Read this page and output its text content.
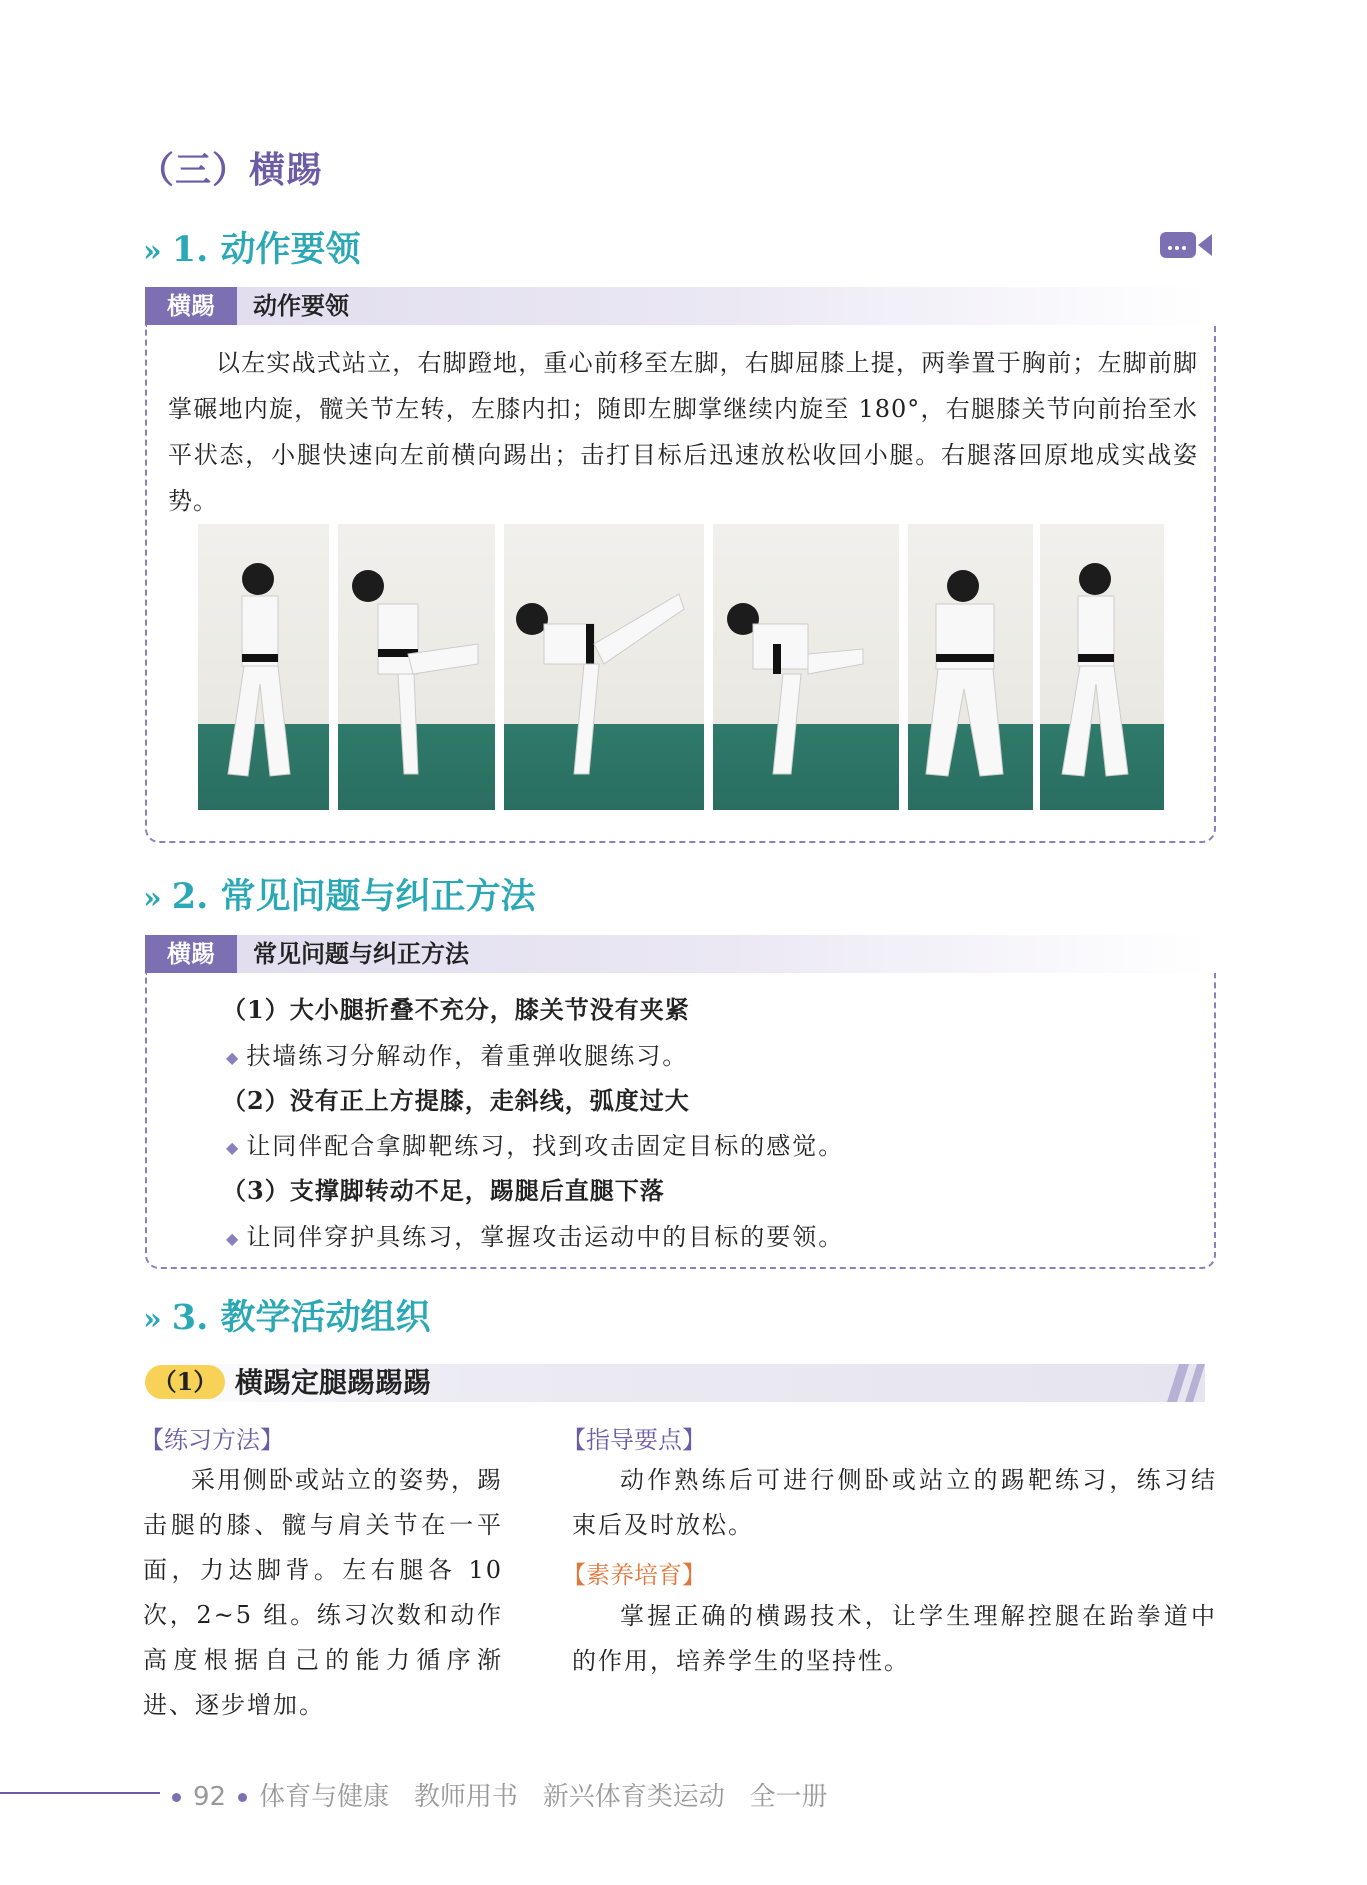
（三）横踢
» 1. 动作要领
横踢	动作要领

以左实战式站立，右脚蹬地，重心前移至左脚，右脚屈膝上提，两拳置于胸前；左脚前脚掌碾地内旋，髋关节左转，左膝内扣；随即左脚掌继续内旋至 180°，右腿膝关节向前抬至水平状态，小腿快速向左前横向踢出；击打目标后迅速放松收回小腿。右腿落回原地成实战姿势。

» 2. 常见问题与纠正方法
横踢	常见问题与纠正方法
（1）大小腿折叠不充分，膝关节没有夹紧
◆ 扶墙练习分解动作，着重弹收腿练习。
（2）没有正上方提膝，走斜线，弧度过大
◆ 让同伴配合拿脚靶练习，找到攻击固定目标的感觉。
（3）支撑脚转动不足，踢腿后直腿下落
◆ 让同伴穿护具练习，掌握攻击运动中的目标的要领。
» 3. 教学活动组织
（1） 横踢定腿踢踢踢
【练习方法】

采用侧卧或站立的姿势，踢击腿的膝、髋与肩关节在一平面，力达脚背。左右腿各 10 次，2~5 组。练习次数和动作高度根据自己的能力循序渐进、逐步增加。

【指导要点】

动作熟练后可进行侧卧或站立的踢靶练习，练习结束后及时放松。

【素养培育】

掌握正确的横踢技术，让学生理解控腿在跆拳道中的作用，培养学生的坚持性。

92 体育与健康 教师用书 新兴体育类运动 全一册
